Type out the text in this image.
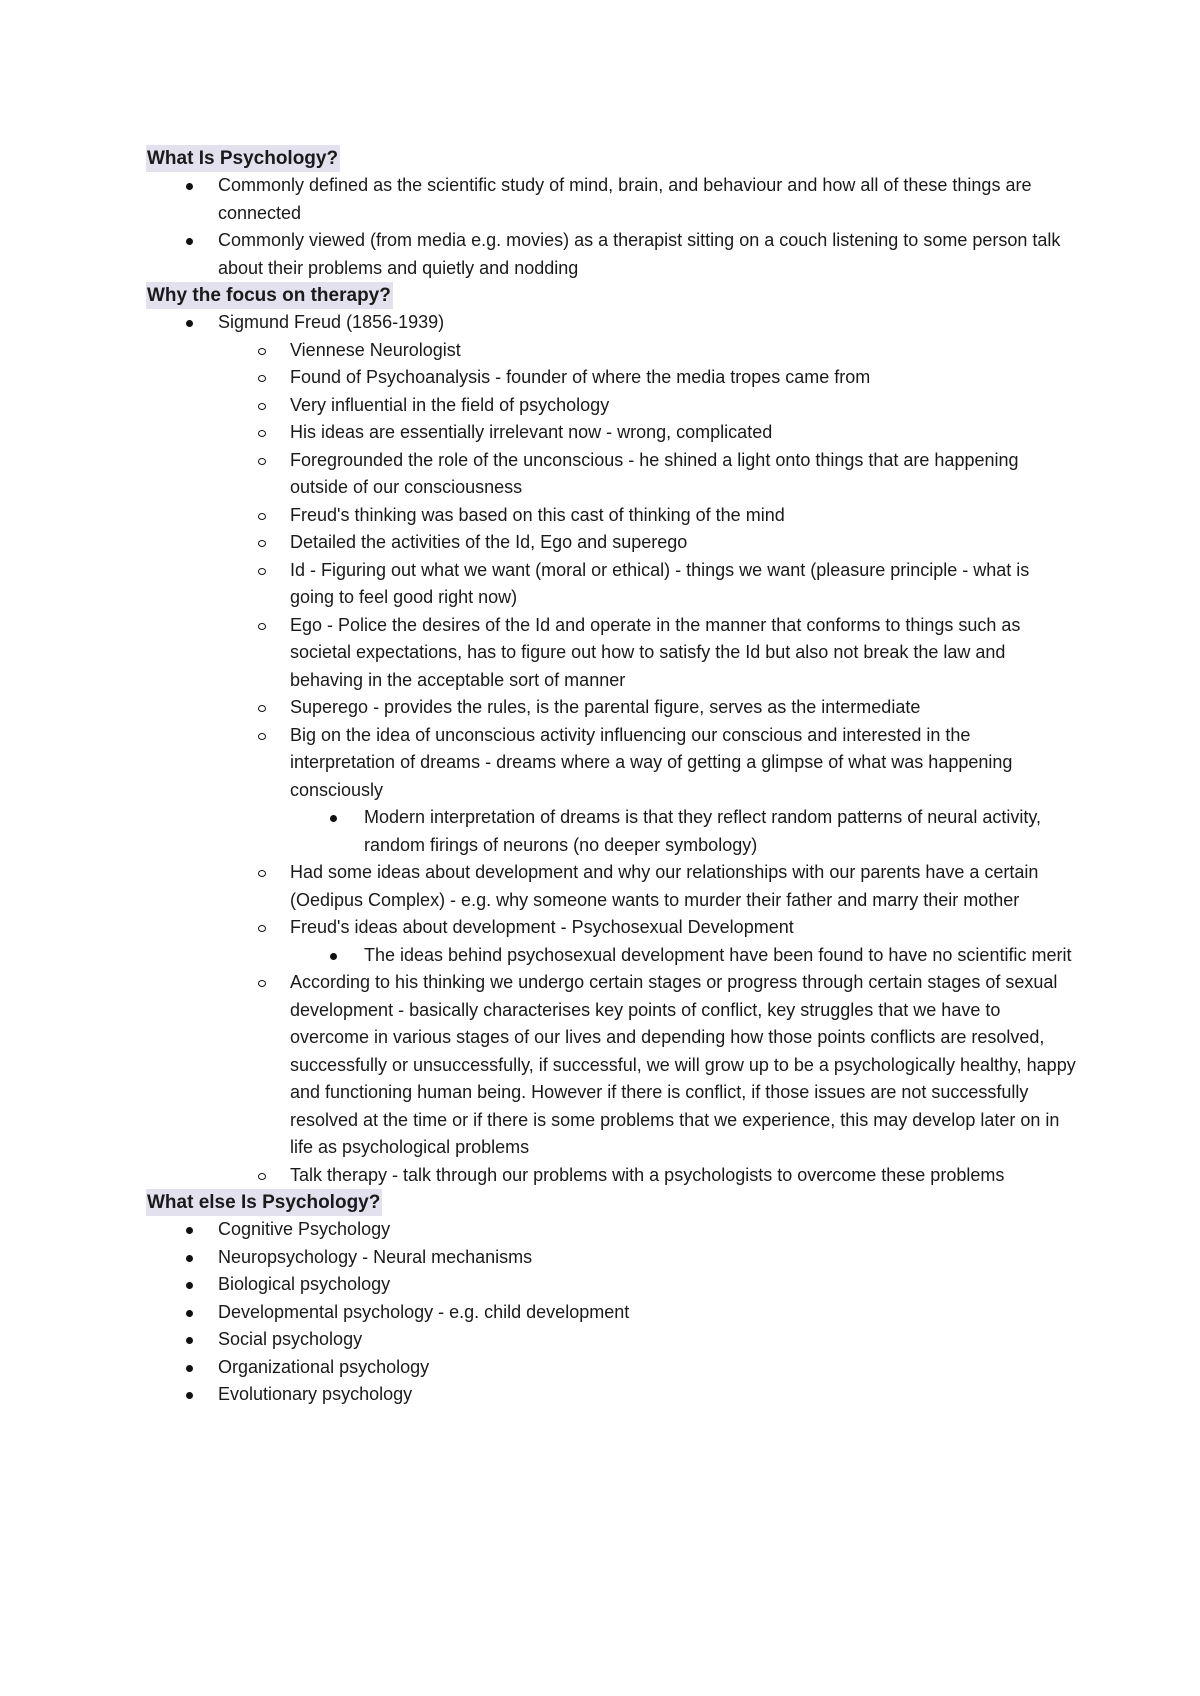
What Is Psychology?
Commonly defined as the scientific study of mind, brain, and behaviour and how all of these things are connected
Commonly viewed (from media e.g. movies) as a therapist sitting on a couch listening to some person talk about their problems and quietly and nodding
Why the focus on therapy?
Sigmund Freud (1856-1939)
Viennese Neurologist
Found of Psychoanalysis - founder of where the media tropes came from
Very influential in the field of psychology
His ideas are essentially irrelevant now - wrong, complicated
Foregrounded the role of the unconscious - he shined a light onto things that are happening outside of our consciousness
Freud's thinking was based on this cast of thinking of the mind
Detailed the activities of the Id, Ego and superego
Id - Figuring out what we want (moral or ethical) - things we want (pleasure principle - what is going to feel good right now)
Ego - Police the desires of the Id and operate in the manner that conforms to things such as societal expectations, has to figure out how to satisfy the Id but also not break the law and behaving in the acceptable sort of manner
Superego - provides the rules, is the parental figure, serves as the intermediate
Big on the idea of unconscious activity influencing our conscious and interested in the interpretation of dreams - dreams where a way of getting a glimpse of what was happening consciously
Modern interpretation of dreams is that they reflect random patterns of neural activity, random firings of neurons (no deeper symbology)
Had some ideas about development and why our relationships with our parents have a certain (Oedipus Complex) - e.g. why someone wants to murder their father and marry their mother
Freud's ideas about development - Psychosexual Development
The ideas behind psychosexual development have been found to have no scientific merit
According to his thinking we undergo certain stages or progress through certain stages of sexual development - basically characterises key points of conflict, key struggles that we have to overcome in various stages of our lives and depending how those points conflicts are resolved, successfully or unsuccessfully, if successful, we will grow up to be a psychologically healthy, happy and functioning human being. However if there is conflict, if those issues are not successfully resolved at the time or if there is some problems that we experience, this may develop later on in life as psychological problems
Talk therapy - talk through our problems with a psychologists to overcome these problems
What else Is Psychology?
Cognitive Psychology
Neuropsychology - Neural mechanisms
Biological psychology
Developmental psychology - e.g. child development
Social psychology
Organizational psychology
Evolutionary psychology
